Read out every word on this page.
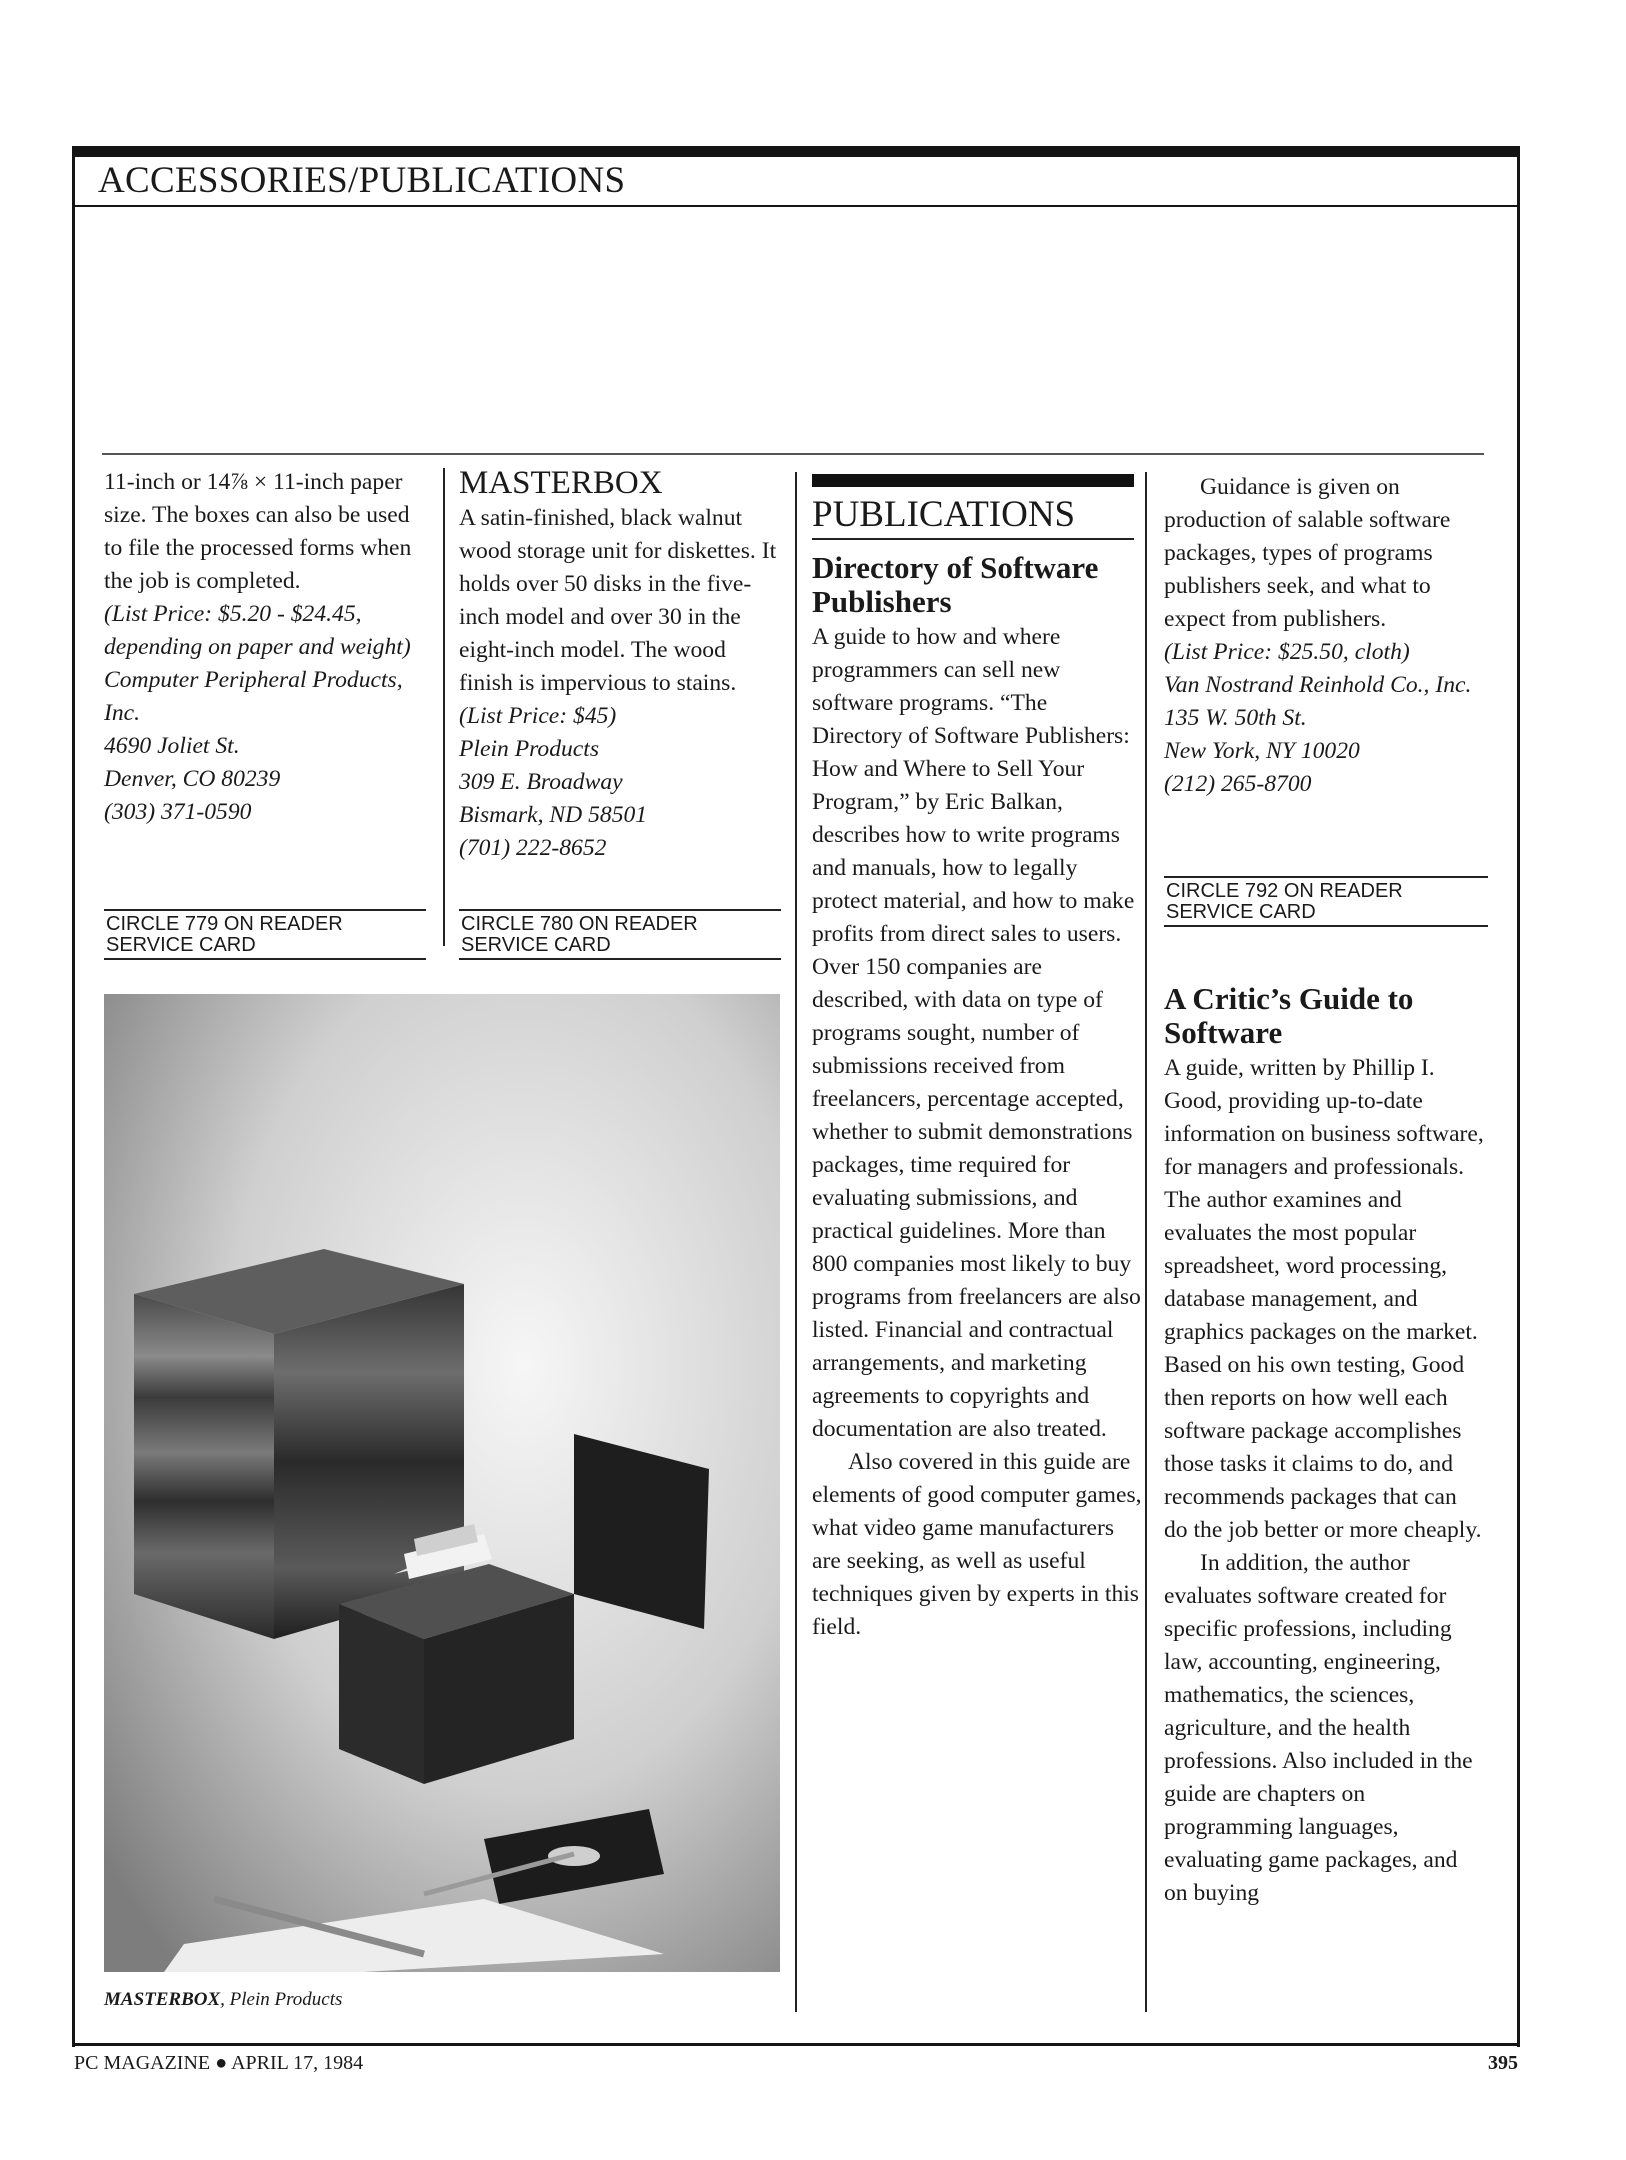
ACCESSORIES/PUBLICATIONS

11-inch or 14⅞ × 11-inch paper size. The boxes can also be used to file the processed forms when the job is completed.

(List Price: $5.20 - $24.45, depending on paper and weight)

Computer Peripheral Products, Inc.

4690 Joliet St.

Denver, CO 80239

(303) 371-0590

CIRCLE 779 ON READER
SERVICE CARD
MASTERBOX

A satin-finished, black walnut wood storage unit for diskettes. It holds over 50 disks in the five-inch model and over 30 in the eight-inch model. The wood finish is impervious to stains.

(List Price: $45)

Plein Products

309 E. Broadway

Bismark, ND 58501

(701) 222-8652

CIRCLE 780 ON READER
SERVICE CARD
MASTERBOX, Plein Products
PUBLICATIONS
Directory of Software Publishers

A guide to how and where programmers can sell new software programs. “The Directory of Software Publishers: How and Where to Sell Your Program,” by Eric Balkan, describes how to write programs and manuals, how to legally protect material, and how to make profits from direct sales to users. Over 150 companies are described, with data on type of programs sought, number of submissions received from freelancers, percentage accepted, whether to submit demonstrations packages, time required for evaluating submissions, and practical guidelines. More than 800 companies most likely to buy programs from freelancers are also listed. Financial and contractual arrangements, and marketing agreements to copyrights and documentation are also treated.

Also covered in this guide are elements of good computer games, what video game manufacturers are seeking, as well as useful techniques given by experts in this field.

Guidance is given on production of salable software packages, types of programs publishers seek, and what to expect from publishers.

(List Price: $25.50, cloth)

Van Nostrand Reinhold Co., Inc.

135 W. 50th St.

New York, NY 10020

(212) 265-8700

CIRCLE 792 ON READER
SERVICE CARD
A Critic’s Guide to Software

A guide, written by Phillip I. Good, providing up-to-date information on business software, for managers and professionals. The author examines and evaluates the most popular spreadsheet, word processing, database management, and graphics packages on the market. Based on his own testing, Good then reports on how well each software package accomplishes those tasks it claims to do, and recommends packages that can do the job better or more cheaply.

In addition, the author evaluates software created for specific professions, including law, accounting, engineering, mathematics, the sciences, agriculture, and the health professions. Also included in the guide are chapters on programming languages, evaluating game packages, and on buying

PC MAGAZINE ● APRIL 17, 1984	395
